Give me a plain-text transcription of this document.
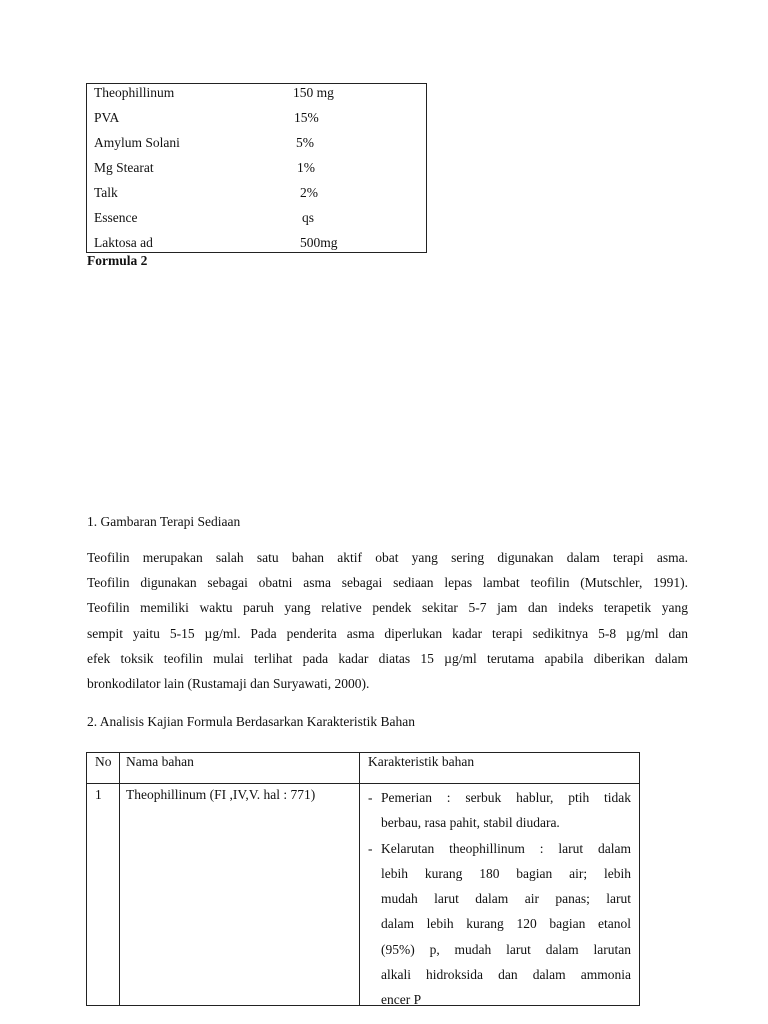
Theophillinum	150 mg
PVA	15%
Amylum Solani	5%
Mg Stearat	1%
Talk	2%
Essence	qs
Laktosa ad	500mg
Formula 2
1. Gambaran Terapi Sediaan
Teofilin merupakan salah satu bahan aktif obat yang sering digunakan dalam terapi asma.
Teofilin digunakan sebagai obatni asma sebagai sediaan lepas lambat teofilin (Mutschler, 1991).
Teofilin memiliki waktu paruh yang relative pendek sekitar 5-7 jam dan indeks terapetik yang
sempit yaitu 5-15 µg/ml. Pada penderita asma diperlukan kadar terapi sedikitnya 5-8 µg/ml dan
efek toksik teofilin mulai terlihat pada kadar diatas 15 µg/ml terutama apabila diberikan dalam
bronkodilator lain (Rustamaji dan Suryawati, 2000).
2. Analisis Kajian Formula Berdasarkan Karakteristik Bahan
No Nama bahan	Karakteristik bahan
1 Theophillinum (FI ,IV,V. hal : 771)	- Pemerian : serbuk hablur, ptih tidak
berbau, rasa pahit, stabil diudara.
- Kelarutan theophillinum : larut dalam
lebih kurang 180 bagian air; lebih
mudah larut dalam air panas; larut
dalam lebih kurang 120 bagian etanol
(95%) p, mudah larut dalam larutan
alkali hidroksida dan dalam ammonia
encer P
